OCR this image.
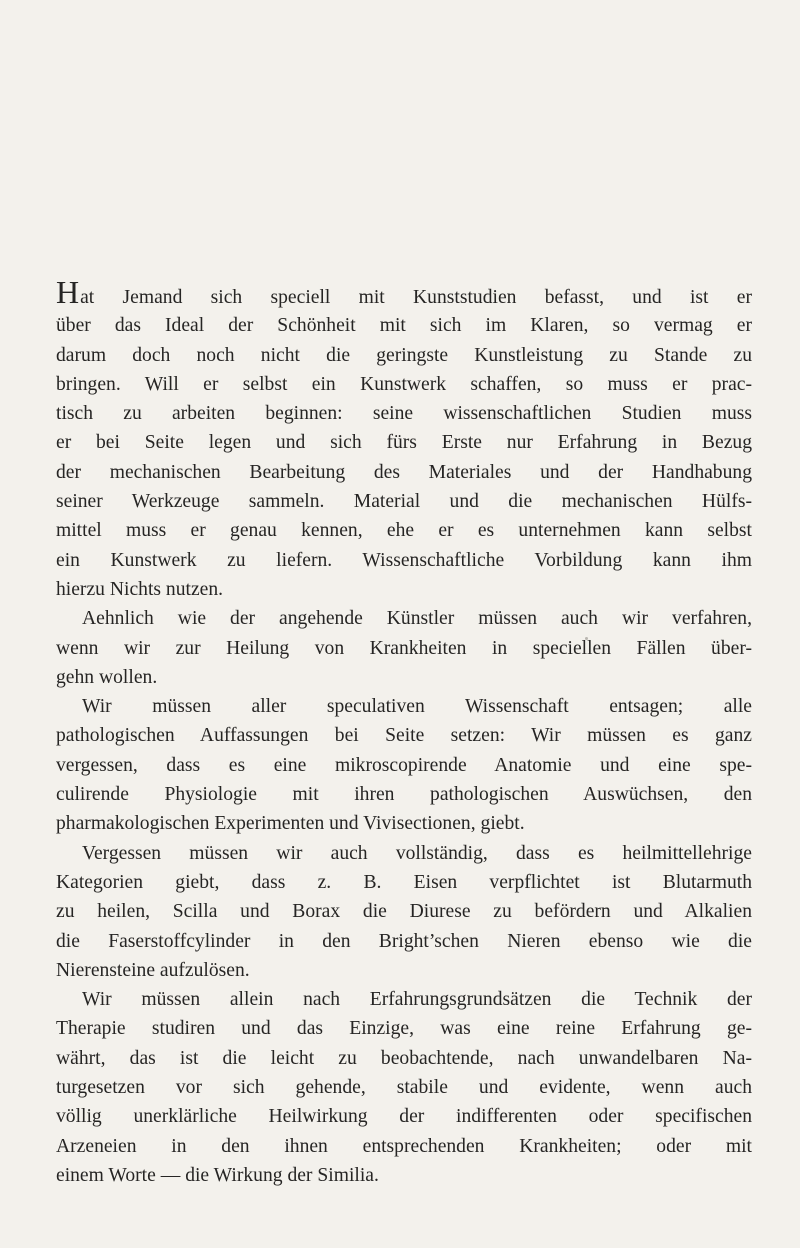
Hat Jemand sich speciell mit Kunststudien befasst, und ist er
über das Ideal der Schönheit mit sich im Klaren, so vermag er
darum doch noch nicht die geringste Kunstleistung zu Stande zu
bringen. Will er selbst ein Kunstwerk schaffen, so muss er prac-
tisch zu arbeiten beginnen: seine wissenschaftlichen Studien muss
er bei Seite legen und sich fürs Erste nur Erfahrung in Bezug
der mechanischen Bearbeitung des Materiales und der Handhabung
seiner Werkzeuge sammeln. Material und die mechanischen Hülfs-
mittel muss er genau kennen, ehe er es unternehmen kann selbst
ein Kunstwerk zu liefern. Wissenschaftliche Vorbildung kann ihm
hierzu Nichts nutzen.
Aehnlich wie der angehende Künstler müssen auch wir verfahren,
wenn wir zur Heilung von Krankheiten in speciellen Fällen über-
gehn wollen.
Wir müssen aller speculativen Wissenschaft entsagen; alle
pathologischen Auffassungen bei Seite setzen: Wir müssen es ganz
vergessen, dass es eine mikroscopirende Anatomie und eine spe-
culirende Physiologie mit ihren pathologischen Auswüchsen, den
pharmakologischen Experimenten und Vivisectionen, giebt.
Vergessen müssen wir auch vollständig, dass es heilmittellehrige
Kategorien giebt, dass z. B. Eisen verpflichtet ist Blutarmuth
zu heilen, Scilla und Borax die Diurese zu befördern und Alkalien
die Faserstoffcylinder in den Bright’schen Nieren ebenso wie die
Nierensteine aufzulösen.
Wir müssen allein nach Erfahrungsgrundsätzen die Technik der
Therapie studiren und das Einzige, was eine reine Erfahrung ge-
währt, das ist die leicht zu beobachtende, nach unwandelbaren Na-
turgesetzen vor sich gehende, stabile und evidente, wenn auch
völlig unerklärliche Heilwirkung der indifferenten oder specifischen
Arzeneien in den ihnen entsprechenden Krankheiten; oder mit
einem Worte — die Wirkung der Similia.
